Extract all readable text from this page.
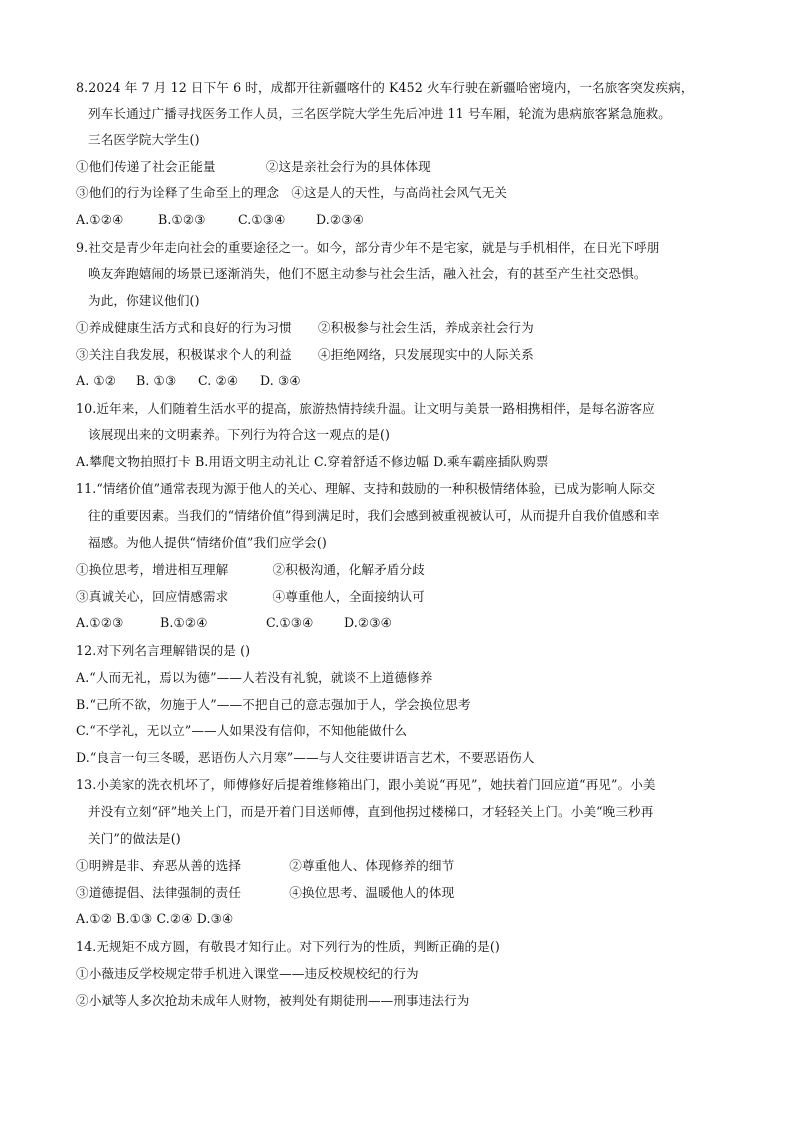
8.2024 年 7 月 12 日下午 6 时，成都开往新疆喀什的 K452 火车行驶在新疆哈密境内，一名旅客突发疾病，
列车长通过广播寻找医务工作人员，三名医学院大学生先后冲进 11 号车厢，轮流为患病旅客紧急施救。
三名医学院大学生()
①他们传递了社会正能量	②这是亲社会行为的具体体现
③他们的行为诠释了生命至上的理念 ④这是人的天性，与高尚社会风气无关
A.①②④	B.①②③	C.①③④ D.②③④
9.社交是青少年走向社会的重要途径之一。如今，部分青少年不是宅家，就是与手机相伴，在日光下呼朋
唤友奔跑嬉闹的场景已逐渐消失，他们不愿主动参与社会生活，融入社会，有的甚至产生社交恐惧。
为此，你建议他们()
①养成健康生活方式和良好的行为习惯 ②积极参与社会生活，养成亲社会行为
③关注自我发展，积极谋求个人的利益 ④拒绝网络，只发展现实中的人际关系
A. ①② B. ①③ C. ②④ D. ③④
10.近年来，人们随着生活水平的提高，旅游热情持续升温。让文明与美景一路相携相伴，是每名游客应
该展现出来的文明素养。下列行为符合这一观点的是()
A.攀爬文物拍照打卡 B.用语文明主动礼让 C.穿着舒适不修边幅 D.乘车霸座插队购票
11.“情绪价值”通常表现为源于他人的关心、理解、支持和鼓励的一种积极情绪体验，已成为影响人际交
往的重要因素。当我们的“情绪价值”得到满足时，我们会感到被重视被认可，从而提升自我价值感和幸
福感。为他人提供“情绪价值”我们应学会()
①换位思考，增进相互理解	②积极沟通，化解矛盾分歧
③真诚关心，回应情感需求	④尊重他人，全面接纳认可
A.①②③	B.①②④	C.①③④ D.②③④
12.对下列名言理解错误的是 ()
A.“人而无礼，焉以为德”——人若没有礼貌，就谈不上道德修养
B.“己所不欲，勿施于人”——不把自己的意志强加于人，学会换位思考
C.“不学礼，无以立”——人如果没有信仰，不知他能做什么
D.“良言一句三冬暖，恶语伤人六月寒”——与人交往要讲语言艺术，不要恶语伤人
13.小美家的洗衣机坏了，师傅修好后提着维修箱出门，跟小美说“再见”，她扶着门回应道“再见”。小美
并没有立刻“砰”地关上门，而是开着门目送师傅，直到他拐过楼梯口，才轻轻关上门。小美“晚三秒再
关门”的做法是()
①明辨是非、弃恶从善的选择	②尊重他人、体现修养的细节
③道德提倡、法律强制的责任	④换位思考、温暖他人的体现
A.①② B.①③ C.②④ D.③④
14.无规矩不成方圆，有敬畏才知行止。对下列行为的性质，判断正确的是()
①小薇违反学校规定带手机进入课堂——违反校规校纪的行为
②小斌等人多次抢劫未成年人财物，被判处有期徒刑——刑事违法行为
